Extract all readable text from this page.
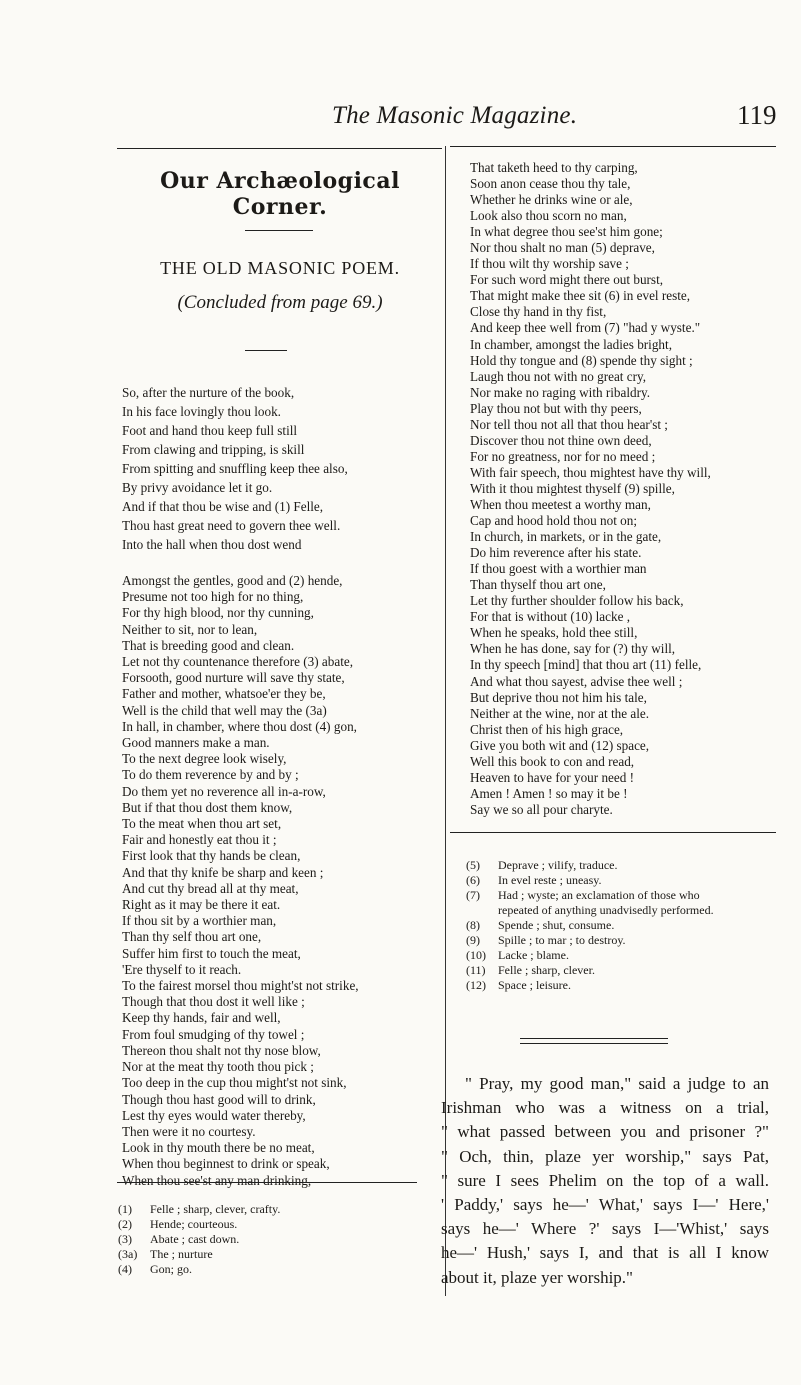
The Masonic Magazine.	119
Our Archæological Corner.
THE OLD MASONIC POEM.
(Concluded from page 69.)
So, after the nurture of the book,
In his face lovingly thou look.
Foot and hand thou keep full still
From clawing and tripping, is skill
From spitting and snuffling keep thee also,
By privy avoidance let it go.
And if that thou be wise and (1) Felle,
Thou hast great need to govern thee well.
Into the hall when thou dost wend
Amongst the gentles, good and (2) hende,
Presume not too high for no thing,
For thy high blood, nor thy cunning,
Neither to sit, nor to lean,
That is breeding good and clean.
Let not thy countenance therefore (3) abate,
Forsooth, good nurture will save thy state,
Father and mother, whatsoe'er they be,
Well is the child that well may the (3a)
In hall, in chamber, where thou dost (4) gon,
Good manners make a man.
To the next degree look wisely,
To do them reverence by and by ;
Do them yet no reverence all in-a-row,
But if that thou dost them know,
To the meat when thou art set,
Fair and honestly eat thou it ;
First look that thy hands be clean,
And that thy knife be sharp and keen ;
And cut thy bread all at thy meat,
Right as it may be there it eat.
If thou sit by a worthier man,
Than thy self thou art one,
Suffer him first to touch the meat,
'Ere thyself to it reach.
To the fairest morsel thou might'st not strike,
Though that thou dost it well like ;
Keep thy hands, fair and well,
From foul smudging of thy towel ;
Thereon thou shalt not thy nose blow,
Nor at the meat thy tooth thou pick ;
Too deep in the cup thou might'st not sink,
Though thou hast good will to drink,
Lest thy eyes would water thereby,
Then were it no courtesy.
Look in thy mouth there be no meat,
When thou beginnest to drink or speak,
When thou see'st any man drinking,
That taketh heed to thy carping,
Soon anon cease thou thy tale,
Whether he drinks wine or ale,
Look also thou scorn no man,
In what degree thou see'st him gone;
Nor thou shalt no man (5) deprave,
If thou wilt thy worship save ;
For such word might there out burst,
That might make thee sit (6) in evel reste,
Close thy hand in thy fist,
And keep thee well from (7) "had y wyste."
In chamber, amongst the ladies bright,
Hold thy tongue and (8) spende thy sight ;
Laugh thou not with no great cry,
Nor make no raging with ribaldry.
Play thou not but with thy peers,
Nor tell thou not all that thou hear'st ;
Discover thou not thine own deed,
For no greatness, nor for no meed ;
With fair speech, thou mightest have thy will,
With it thou mightest thyself (9) spille,
When thou meetest a worthy man,
Cap and hood hold thou not on;
In church, in markets, or in the gate,
Do him reverence after his state.
If thou goest with a worthier man
Than thyself thou art one,
Let thy further shoulder follow his back,
For that is without (10) lacke ,
When he speaks, hold thee still,
When he has done, say for (?) thy will,
In thy speech [mind] that thou art (11) felle,
And what thou sayest, advise thee well ;
But deprive thou not him his tale,
Neither at the wine, nor at the ale.
Christ then of his high grace,
Give you both wit and (12) space,
Well this book to con and read,
Heaven to have for your need !
Amen ! Amen ! so may it be !
Say we so all pour charyte.
(5) Deprave ; vilify, traduce.
(6) In evel reste ; uneasy.
(7) Had ; wyste; an exclamation of those who
repeated of anything unadvisedly performed.
(8) Spende ; shut, consume.
(9) Spille ; to mar ; to destroy.
(10) Lacke ; blame.
(11) Felle ; sharp, clever.
(12) Space ; leisure.
" Pray, my good man," said a judge to an
Irishman who was a witness on a trial,
" what passed between you and prisoner ?"
" Och, thin, plaze yer worship," says Pat,
" sure I sees Phelim on the top of a wall.
' Paddy,' says he—' What,' says I—' Here,'
says he—' Where ?' says I—'Whist,' says
he—' Hush,' says I, and that is all I know
about it, plaze yer worship."
(1) Felle ; sharp, clever, crafty.
(2) Hende; courteous.
(3) Abate ; cast down.
(3a) The ; nurture
(4) Gon; go.
